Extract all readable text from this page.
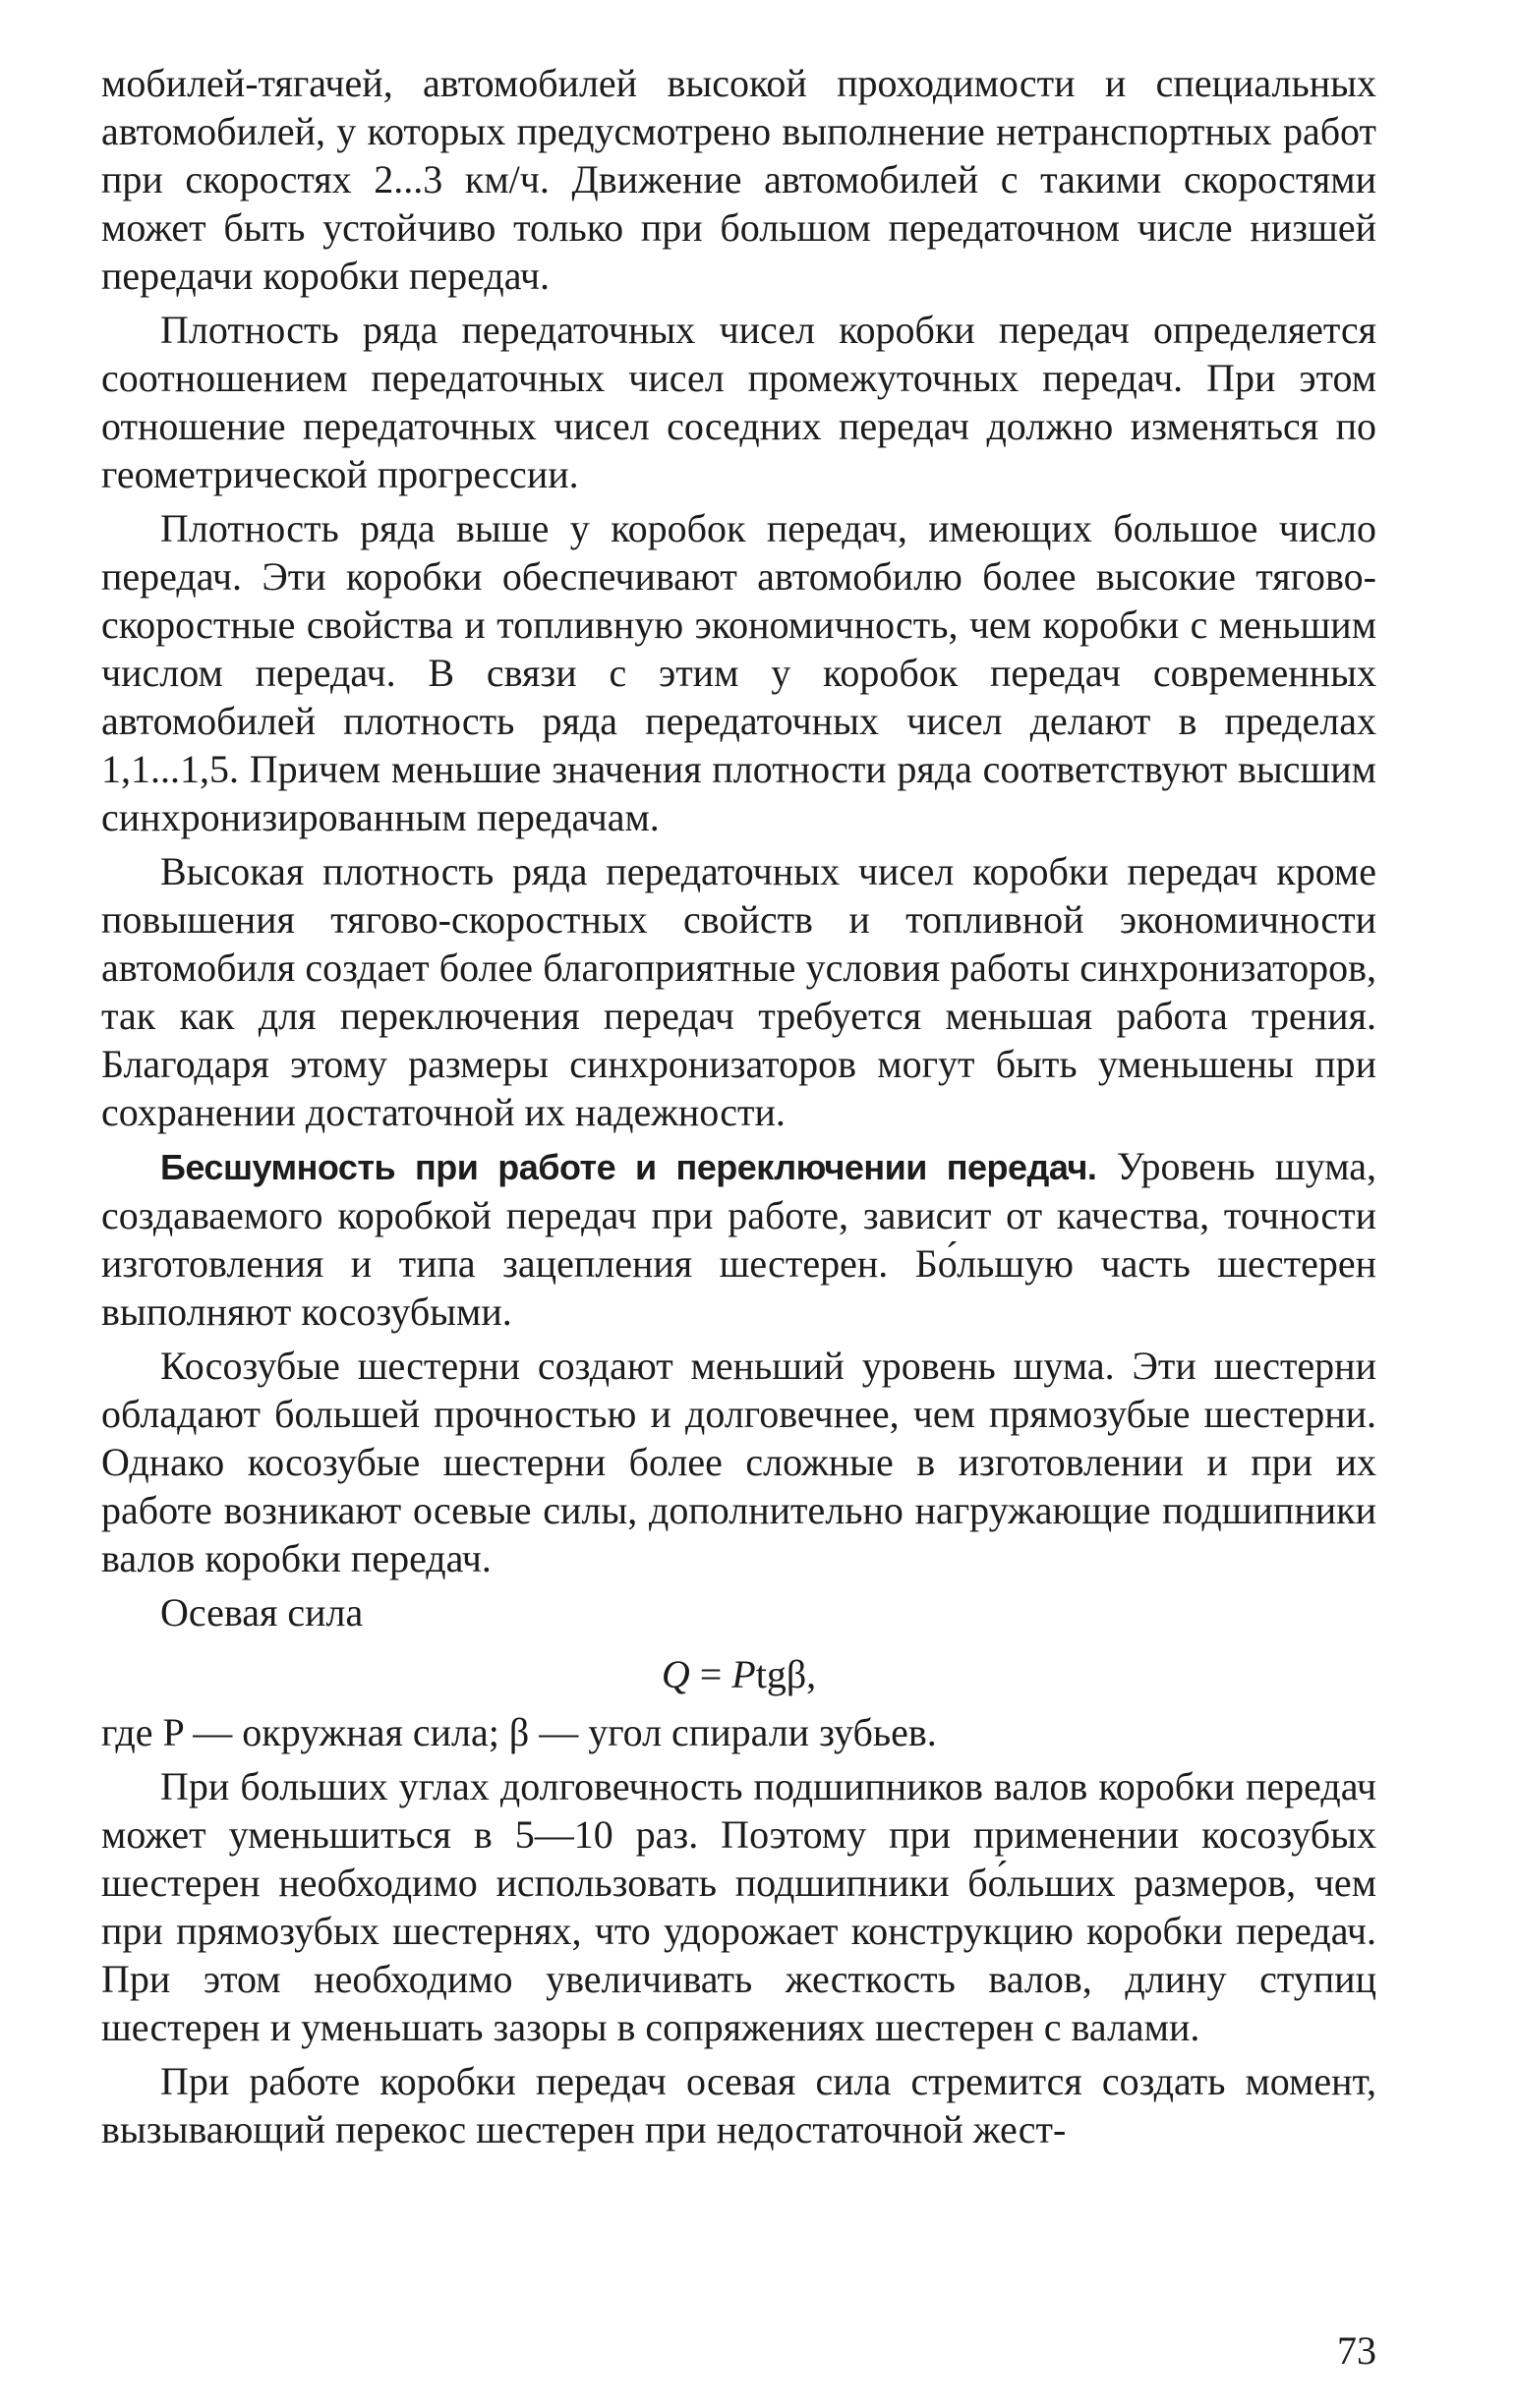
мобилей-тягачей, автомобилей высокой проходимости и специальных автомобилей, у которых предусмотрено выполнение нетранспортных работ при скоростях 2...3 км/ч. Движение автомобилей с такими скоростями может быть устойчиво только при большом передаточном числе низшей передачи коробки передач.

Плотность ряда передаточных чисел коробки передач определяется соотношением передаточных чисел промежуточных передач. При этом отношение передаточных чисел соседних передач должно изменяться по геометрической прогрессии.

Плотность ряда выше у коробок передач, имеющих большое число передач. Эти коробки обеспечивают автомобилю более высокие тягово-скоростные свойства и топливную экономичность, чем коробки с меньшим числом передач. В связи с этим у коробок передач современных автомобилей плотность ряда передаточных чисел делают в пределах 1,1...1,5. Причем меньшие значения плотности ряда соответствуют высшим синхронизированным передачам.

Высокая плотность ряда передаточных чисел коробки передач кроме повышения тягово-скоростных свойств и топливной экономичности автомобиля создает более благоприятные условия работы синхронизаторов, так как для переключения передач требуется меньшая работа трения. Благодаря этому размеры синхронизаторов могут быть уменьшены при сохранении достаточной их надежности.

Бесшумность при работе и переключении передач. Уровень шума, создаваемого коробкой передач при работе, зависит от качества, точности изготовления и типа зацепления шестерен. Бо́льшую часть шестерен выполняют косозубыми.

Косозубые шестерни создают меньший уровень шума. Эти шестерни обладают большей прочностью и долговечнее, чем прямозубые шестерни. Однако косозубые шестерни более сложные в изготовлении и при их работе возникают осевые силы, дополнительно нагружающие подшипники валов коробки передач.

Осевая сила

Q = Ptgβ,

где P — окружная сила; β — угол спирали зубьев.

При больших углах долговечность подшипников валов коробки передач может уменьшиться в 5—10 раз. Поэтому при применении косозубых шестерен необходимо использовать подшипники бо́льших размеров, чем при прямозубых шестернях, что удорожает конструкцию коробки передач. При этом необходимо увеличивать жесткость валов, длину ступиц шестерен и уменьшать зазоры в сопряжениях шестерен с валами.

При работе коробки передач осевая сила стремится создать момент, вызывающий перекос шестерен при недостаточной жест-

73
